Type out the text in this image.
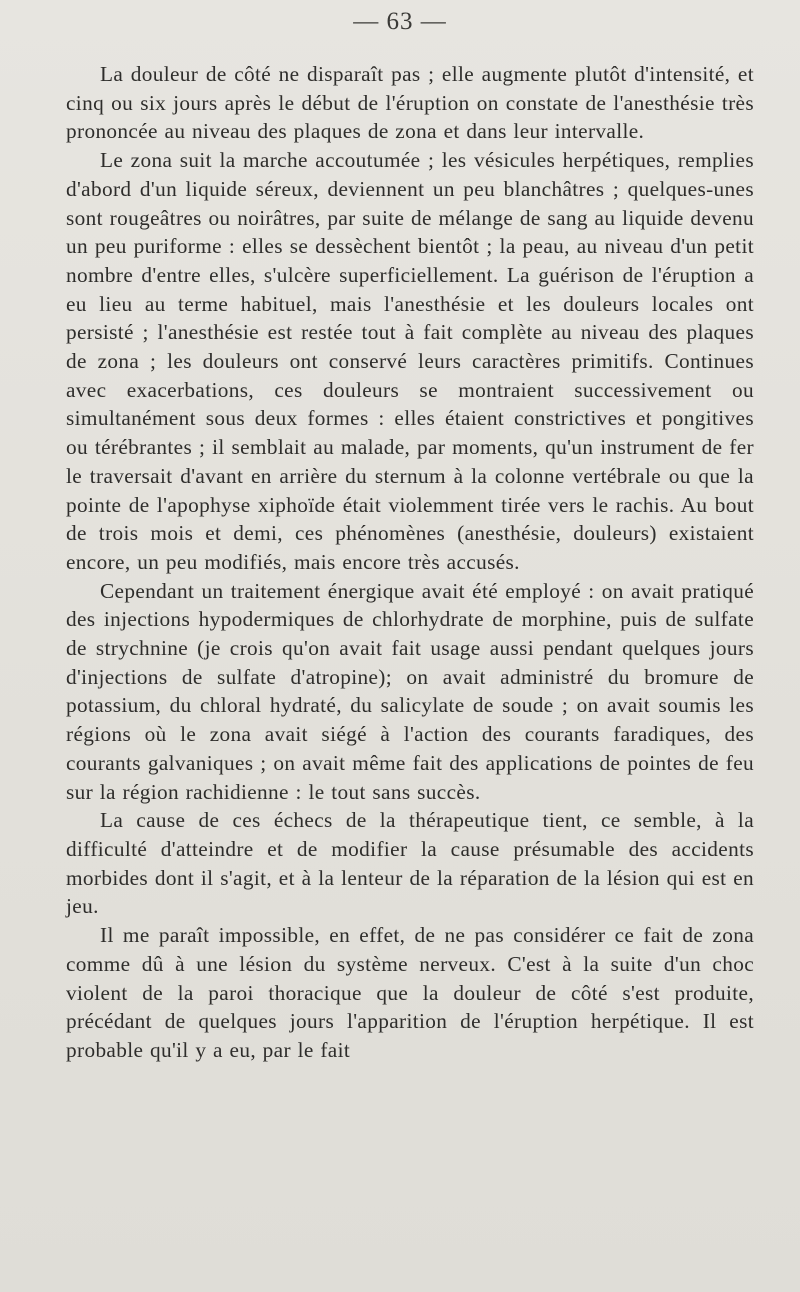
— 63 —

La douleur de côté ne disparaît pas ; elle augmente plutôt d'intensité, et cinq ou six jours après le début de l'éruption on constate de l'anesthésie très prononcée au niveau des plaques de zona et dans leur intervalle.

Le zona suit la marche accoutumée ; les vésicules herpétiques, remplies d'abord d'un liquide séreux, deviennent un peu blanchâtres ; quelques-unes sont rougeâtres ou noirâtres, par suite de mélange de sang au liquide devenu un peu puriforme : elles se dessèchent bientôt ; la peau, au niveau d'un petit nombre d'entre elles, s'ulcère superficiellement. La guérison de l'éruption a eu lieu au terme habituel, mais l'anesthésie et les douleurs locales ont persisté ; l'anesthésie est restée tout à fait complète au niveau des plaques de zona ; les douleurs ont conservé leurs caractères primitifs. Continues avec exacerbations, ces douleurs se montraient successivement ou simultanément sous deux formes : elles étaient constrictives et pongitives ou térébrantes ; il semblait au malade, par moments, qu'un instrument de fer le traversait d'avant en arrière du sternum à la colonne vertébrale ou que la pointe de l'apophyse xiphoïde était violemment tirée vers le rachis. Au bout de trois mois et demi, ces phénomènes (anesthésie, douleurs) existaient encore, un peu modifiés, mais encore très accusés.

Cependant un traitement énergique avait été employé : on avait pratiqué des injections hypodermiques de chlorhydrate de morphine, puis de sulfate de strychnine (je crois qu'on avait fait usage aussi pendant quelques jours d'injections de sulfate d'atropine); on avait administré du bromure de potassium, du chloral hydraté, du salicylate de soude ; on avait soumis les régions où le zona avait siégé à l'action des courants faradiques, des courants galvaniques ; on avait même fait des applications de pointes de feu sur la région rachidienne : le tout sans succès.

La cause de ces échecs de la thérapeutique tient, ce semble, à la difficulté d'atteindre et de modifier la cause présumable des accidents morbides dont il s'agit, et à la lenteur de la réparation de la lésion qui est en jeu.

Il me paraît impossible, en effet, de ne pas considérer ce fait de zona comme dû à une lésion du système nerveux. C'est à la suite d'un choc violent de la paroi thoracique que la douleur de côté s'est produite, précédant de quelques jours l'apparition de l'éruption herpétique. Il est probable qu'il y a eu, par le fait
